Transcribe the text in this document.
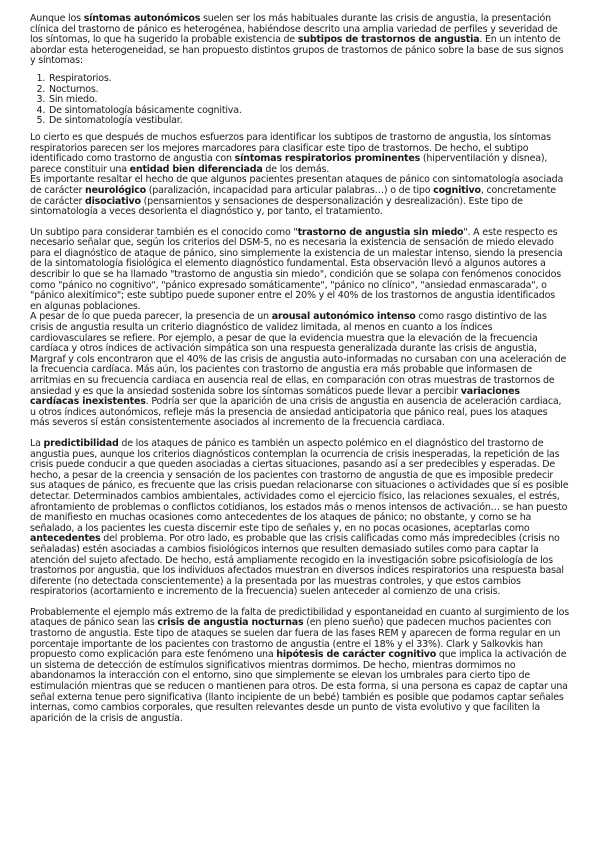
Aunque los síntomas autonómicos suelen ser los más habituales durante las crisis de angustia, la presentación clínica del trastorno de pánico es heterogénea, habiéndose descrito una amplia variedad de perfiles y severidad de los síntomas, lo que ha sugerido la probable existencia de subtipos de trastornos de angustia. En un intento de abordar esta heterogeneidad, se han propuesto distintos grupos de trastornos de pánico sobre la base de sus signos y síntomas:

1. Respiratorios.
2. Nocturnos.
3. Sin miedo.
4. De sintomatología básicamente cognitiva.
5. De sintomatología vestibular.

Lo cierto es que después de muchos esfuerzos para identificar los subtipos de trastorno de angustia, los síntomas respiratorios parecen ser los mejores marcadores para clasificar este tipo de trastornos. De hecho, el subtipo identificado como trastorno de angustia con síntomas respiratorios prominentes (hiperventilación y disnea), parece constituir una entidad bien diferenciada de los demás.

Es importante resaltar el hecho de que algunos pacientes presentan ataques de pánico con sintomatología asociada de carácter neurológico (paralización, incapacidad para articular palabras…) o de tipo cognitivo, concretamente de carácter disociativo (pensamientos y sensaciones de despersonalización y desrealización). Este tipo de sintomatología a veces desorienta el diagnóstico y, por tanto, el tratamiento.

Un subtipo para considerar también es el conocido como "trastorno de angustia sin miedo". A este respecto es necesario señalar que, según los criterios del DSM-5, no es necesaria la existencia de sensación de miedo elevado para el diagnóstico de ataque de pánico, sino simplemente la existencia de un malestar intenso, siendo la presencia de la sintomatología fisiológica el elemento diagnóstico fundamental. Esta observación llevó a algunos autores a describir lo que se ha llamado "trastorno de angustia sin miedo", condición que se solapa con fenómenos conocidos como "pánico no cognitivo", "pánico expresado somáticamente", "pánico no clínico", "ansiedad enmascarada", o "pánico alexitímico"; este subtipo puede suponer entre el 20% y el 40% de los trastornos de angustia identificados en algunas poblaciones.

A pesar de lo que pueda parecer, la presencia de un arousal autonómico intenso como rasgo distintivo de las crisis de angustia resulta un criterio diagnóstico de validez limitada, al menos en cuanto a los índices cardiovasculares se refiere. Por ejemplo, a pesar de que la evidencia muestra que la elevación de la frecuencia cardíaca y otros índices de activación simpática son una respuesta generalizada durante las crisis de angustia, Margraf y cols encontraron que el 40% de las crisis de angustia auto-informadas no cursaban con una aceleración de la frecuencia cardíaca. Más aún, los pacientes con trastorno de angustia era más probable que informasen de arritmias en su frecuencia cardiaca en ausencia real de ellas, en comparación con otras muestras de trastornos de ansiedad y es que la ansiedad sostenida sobre los síntomas somáticos puede llevar a percibir variaciones cardíacas inexistentes. Podría ser que la aparición de una crisis de angustia en ausencia de aceleración cardiaca, u otros índices autonómicos, refleje más la presencia de ansiedad anticipatoria que pánico real, pues los ataques más severos sí están consistentemente asociados al incremento de la frecuencia cardiaca.

La predictibilidad de los ataques de pánico es también un aspecto polémico en el diagnóstico del trastorno de angustia pues, aunque los criterios diagnósticos contemplan la ocurrencia de crisis inesperadas, la repetición de las crisis puede conducir a que queden asociadas a ciertas situaciones, pasando así a ser predecibles y esperadas. De hecho, a pesar de la creencia y sensación de los pacientes con trastorno de angustia de que es imposible predecir sus ataques de pánico, es frecuente que las crisis puedan relacionarse con situaciones o actividades que sí es posible detectar. Determinados cambios ambientales, actividades como el ejercicio físico, las relaciones sexuales, el estrés, afrontamiento de problemas o conflictos cotidianos, los estados más o menos intensos de activación… se han puesto de manifiesto en muchas ocasiones como antecedentes de los ataques de pánico; no obstante, y como se ha señalado, a los pacientes les cuesta discernir este tipo de señales y, en no pocas ocasiones, aceptarlas como antecedentes del problema. Por otro lado, es probable que las crisis calificadas como más impredecibles (crisis no señaladas) estén asociadas a cambios fisiológicos internos que resulten demasiado sutiles como para captar la atención del sujeto afectado. De hecho, está ampliamente recogido en la investigación sobre psicofisiología de los trastornos por angustia, que los individuos afectados muestran en diversos índices respiratorios una respuesta basal diferente (no detectada conscientemente) a la presentada por las muestras controles, y que estos cambios respiratorios (acortamiento e incremento de la frecuencia) suelen anteceder al comienzo de una crisis.

Probablemente el ejemplo más extremo de la falta de predictibilidad y espontaneidad en cuanto al surgimiento de los ataques de pánico sean las crisis de angustia nocturnas (en pleno sueño) que padecen muchos pacientes con trastorno de angustia. Este tipo de ataques se suelen dar fuera de las fases REM y aparecen de forma regular en un porcentaje importante de los pacientes con trastorno de angustia (entre el 18% y el 33%). Clark y Salkovkis han propuesto como explicación para este fenómeno una hipótesis de carácter cognitivo que implica la activación de un sistema de detección de estímulos significativos mientras dormimos. De hecho, mientras dormimos no abandonamos la interacción con el entorno, sino que simplemente se elevan los umbrales para cierto tipo de estimulación mientras que se reducen o mantienen para otros. De esta forma, si una persona es capaz de captar una señal externa tenue pero significativa (llanto incipiente de un bebé) también es posible que podamos captar señales internas, como cambios corporales, que resulten relevantes desde un punto de vista evolutivo y que faciliten la aparición de la crisis de angustia.
